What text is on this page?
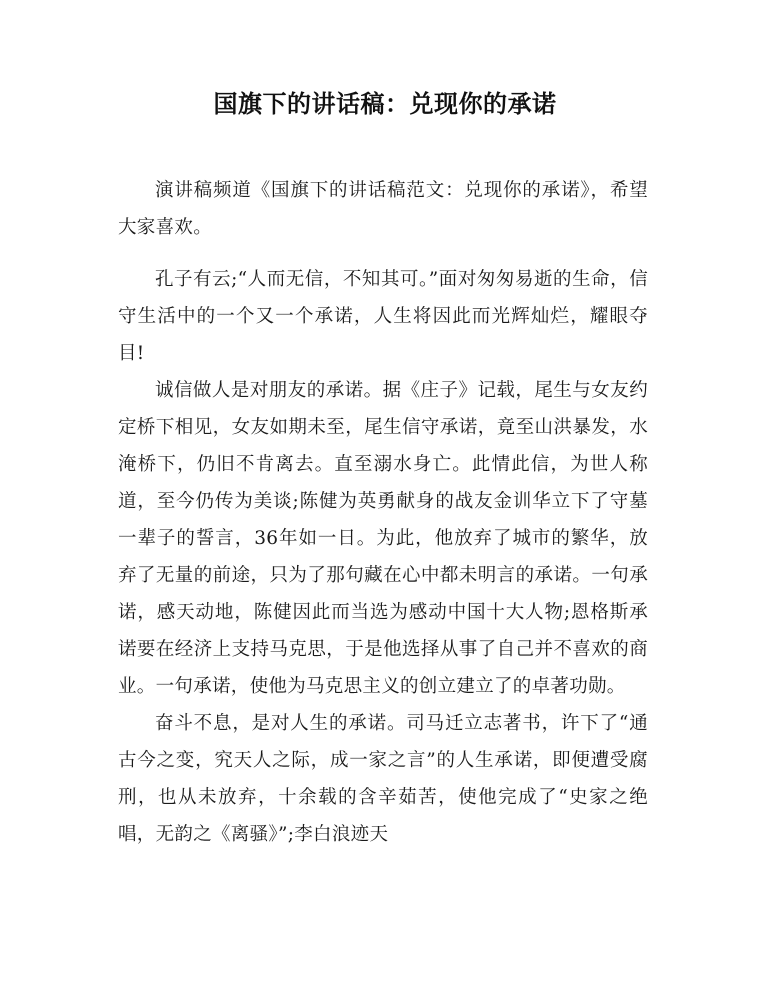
国旗下的讲话稿：兑现你的承诺

演讲稿频道《国旗下的讲话稿范文：兑现你的承诺》，希望大家喜欢。

孔子有云;“人而无信，不知其可。”面对匆匆易逝的生命，信守生活中的一个又一个承诺，人生将因此而光辉灿烂，耀眼夺目!

诚信做人是对朋友的承诺。据《庄子》记载，尾生与女友约定桥下相见，女友如期未至，尾生信守承诺，竟至山洪暴发，水淹桥下，仍旧不肯离去。直至溺水身亡。此情此信，为世人称道，至今仍传为美谈;陈健为英勇献身的战友金训华立下了守墓一辈子的誓言，36年如一日。为此，他放弃了城市的繁华，放弃了无量的前途，只为了那句藏在心中都未明言的承诺。一句承诺，感天动地，陈健因此而当选为感动中国十大人物;恩格斯承诺要在经济上支持马克思，于是他选择从事了自己并不喜欢的商业。一句承诺，使他为马克思主义的创立建立了的卓著功勋。

奋斗不息，是对人生的承诺。司马迁立志著书，许下了“通古今之变，究天人之际，成一家之言”的人生承诺，即便遭受腐刑，也从未放弃，十余载的含辛茹苦，使他完成了“史家之绝唱，无韵之《离骚》”;李白浪迹天
